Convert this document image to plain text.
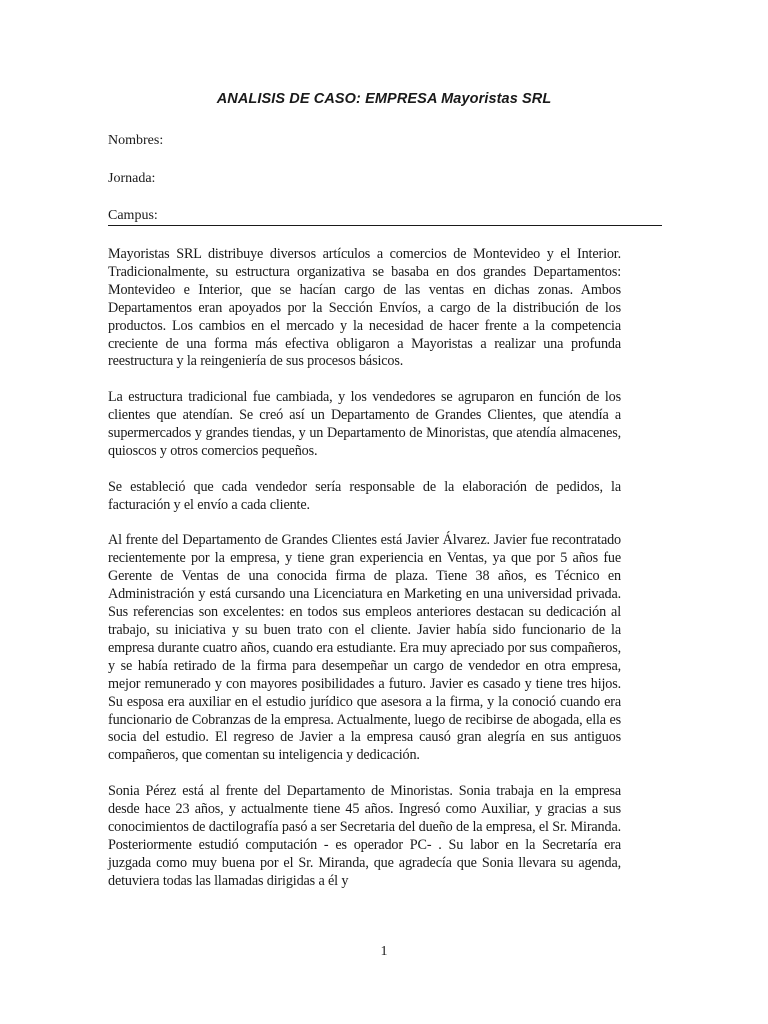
ANALISIS DE CASO: EMPRESA Mayoristas SRL
Nombres:
Jornada:
Campus:

Mayoristas SRL distribuye diversos artículos a comercios de Montevideo y el Interior. Tradicionalmente, su estructura organizativa se basaba en dos grandes Departamentos: Montevideo e Interior, que se hacían cargo de las ventas en dichas zonas. Ambos Departamentos eran apoyados por la Sección Envíos, a cargo de la distribución de los productos. Los cambios en el mercado y la necesidad de hacer frente a la competencia creciente de una forma más efectiva obligaron a Mayoristas a realizar una profunda reestructura y la reingeniería de sus procesos básicos.

La estructura tradicional fue cambiada, y los vendedores se agruparon en función de los clientes que atendían. Se creó así un Departamento de Grandes Clientes, que atendía a supermercados y grandes tiendas, y un Departamento de Minoristas, que atendía almacenes, quioscos y otros comercios pequeños.

Se estableció que cada vendedor sería responsable de la elaboración de pedidos, la facturación y el envío a cada cliente.

Al frente del Departamento de Grandes Clientes está Javier Álvarez. Javier fue recontratado recientemente por la empresa, y tiene gran experiencia en Ventas, ya que por 5 años fue Gerente de Ventas de una conocida firma de plaza. Tiene 38 años, es Técnico en Administración y está cursando una Licenciatura en Marketing en una universidad privada. Sus referencias son excelentes: en todos sus empleos anteriores destacan su dedicación al trabajo, su iniciativa y su buen trato con el cliente. Javier había sido funcionario de la empresa durante cuatro años, cuando era estudiante. Era muy apreciado por sus compañeros, y se había retirado de la firma para desempeñar un cargo de vendedor en otra empresa, mejor remunerado y con mayores posibilidades a futuro. Javier es casado y tiene tres hijos. Su esposa era auxiliar en el estudio jurídico que asesora a la firma, y la conoció cuando era funcionario de Cobranzas de la empresa. Actualmente, luego de recibirse de abogada, ella es socia del estudio. El regreso de Javier a la empresa causó gran alegría en sus antiguos compañeros, que comentan su inteligencia y dedicación.

Sonia Pérez está al frente del Departamento de Minoristas. Sonia trabaja en la empresa desde hace 23 años, y actualmente tiene 45 años. Ingresó como Auxiliar, y gracias a sus conocimientos de dactilografía pasó a ser Secretaria del dueño de la empresa, el Sr. Miranda. Posteriormente estudió computación - es operador PC- . Su labor en la Secretaría era juzgada como muy buena por el Sr. Miranda, que agradecía que Sonia llevara su agenda, detuviera todas las llamadas dirigidas a él y

1
